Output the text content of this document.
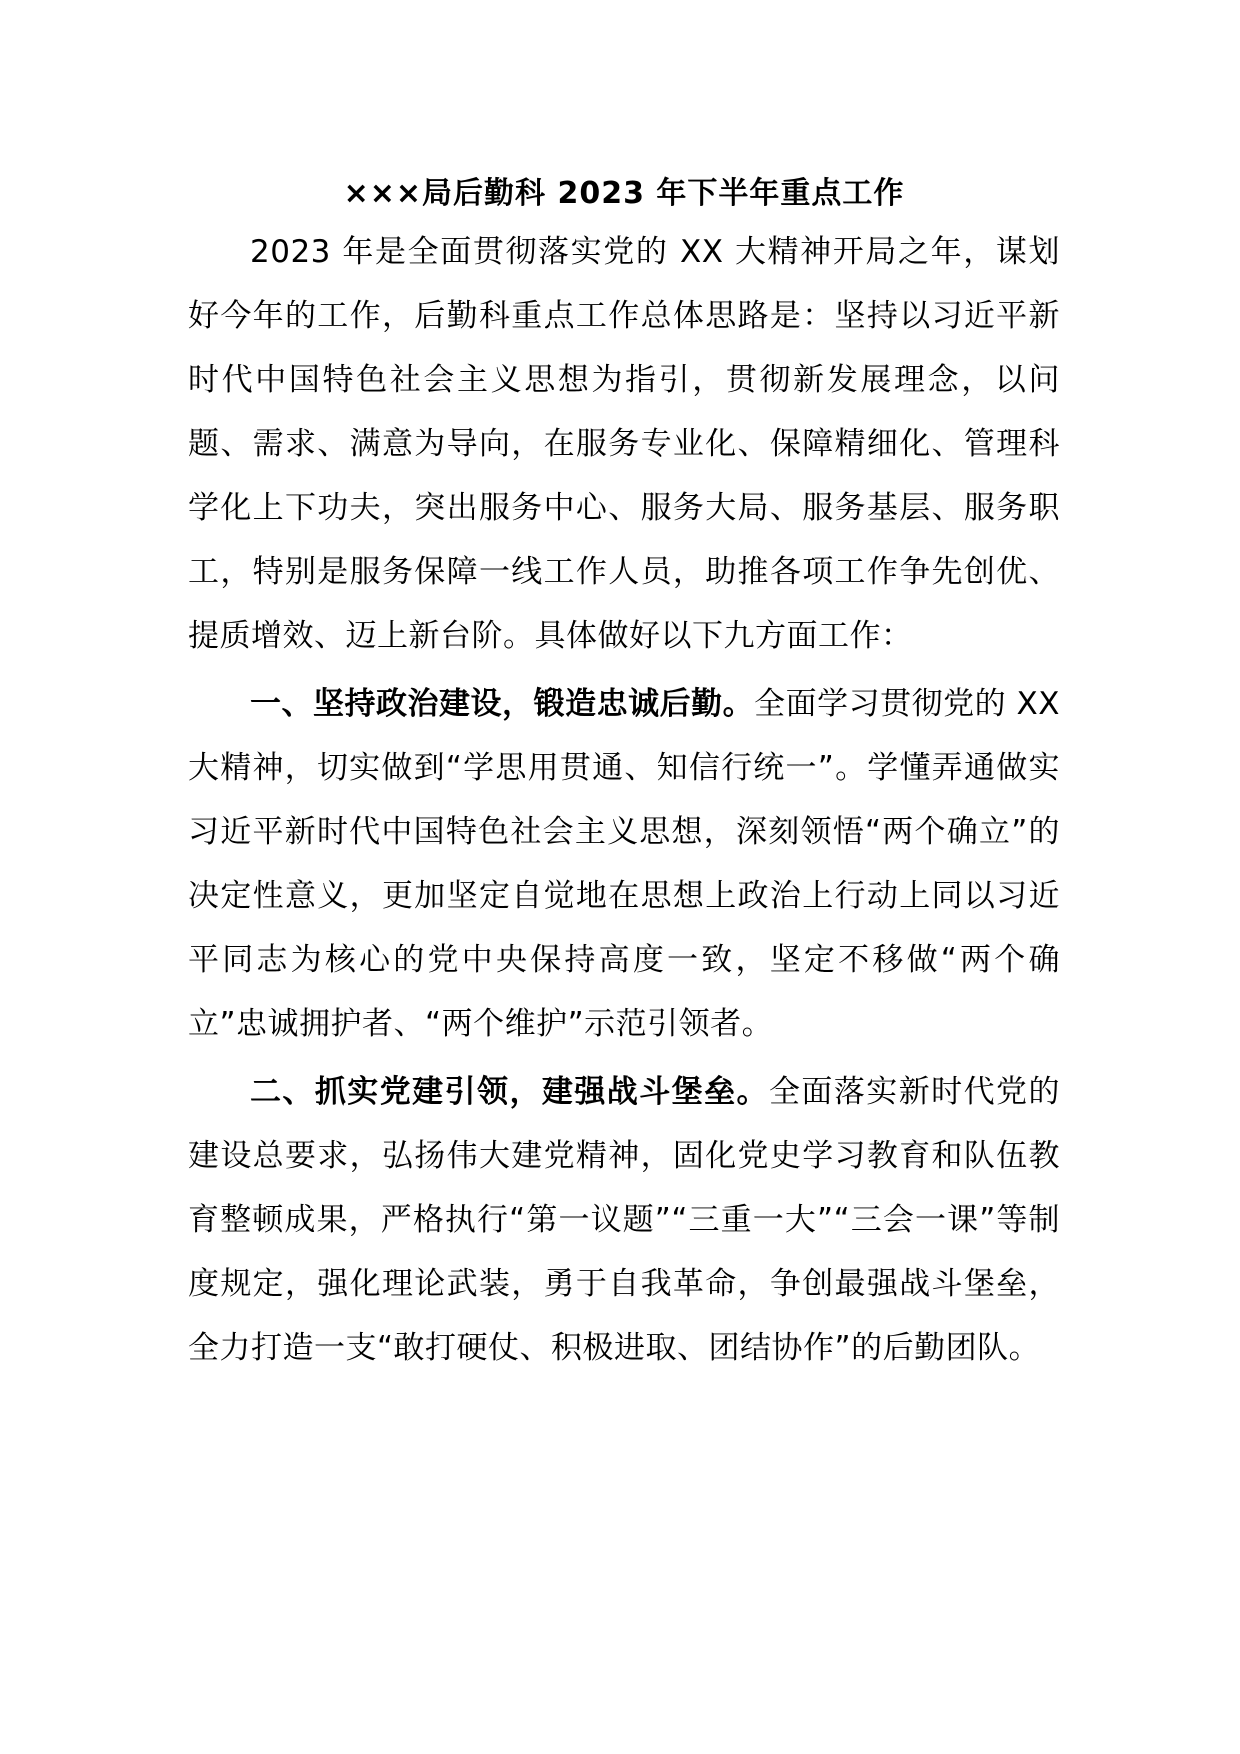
×××局后勤科 2023 年下半年重点工作

2023 年是全面贯彻落实党的 XX 大精神开局之年，谋划好今年的工作，后勤科重点工作总体思路是：坚持以习近平新时代中国特色社会主义思想为指引，贯彻新发展理念，以问题、需求、满意为导向，在服务专业化、保障精细化、管理科学化上下功夫，突出服务中心、服务大局、服务基层、服务职工，特别是服务保障一线工作人员，助推各项工作争先创优、提质增效、迈上新台阶。具体做好以下九方面工作：

一、坚持政治建设，锻造忠诚后勤。全面学习贯彻党的 XX 大精神，切实做到“学思用贯通、知信行统一”。学懂弄通做实习近平新时代中国特色社会主义思想，深刻领悟“两个确立”的决定性意义，更加坚定自觉地在思想上政治上行动上同以习近平同志为核心的党中央保持高度一致，坚定不移做“两个确立”忠诚拥护者、“两个维护”示范引领者。

二、抓实党建引领，建强战斗堡垒。全面落实新时代党的建设总要求，弘扬伟大建党精神，固化党史学习教育和队伍教育整顿成果，严格执行“第一议题”“三重一大”“三会一课”等制度规定，强化理论武装，勇于自我革命，争创最强战斗堡垒，全力打造一支“敢打硬仗、积极进取、团结协作”的后勤团队。
